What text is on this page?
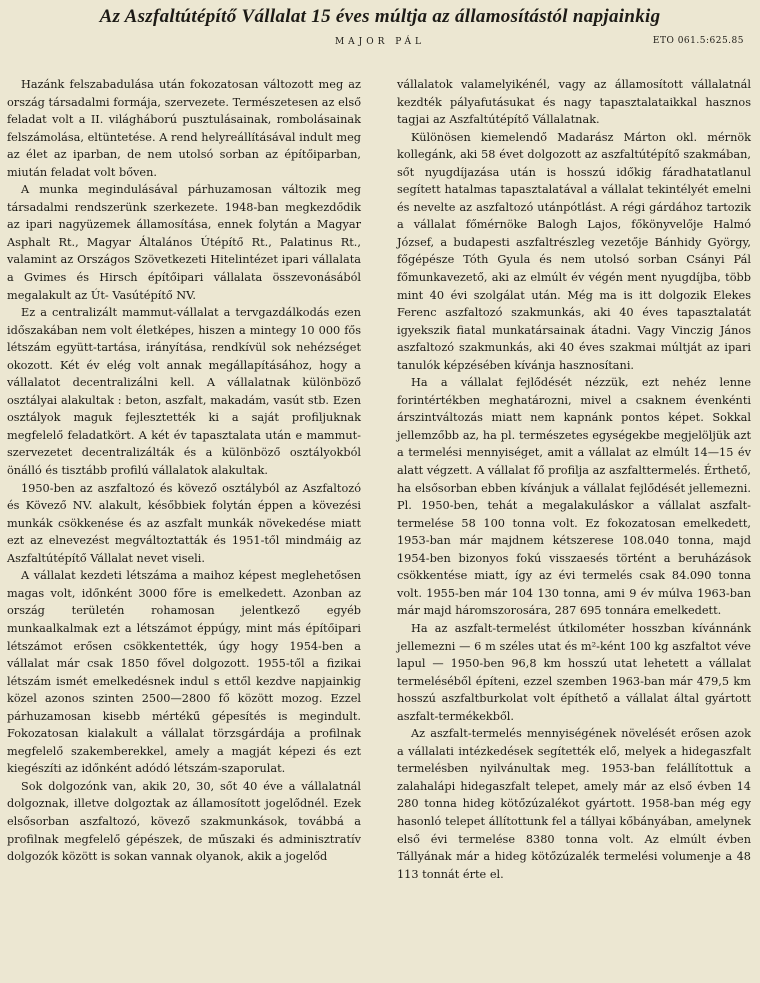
Az Aszfaltútépítő Vállalat 15 éves múltja az államosítástól napjainkig
MAJOR PÁL	ETO 061.5:625.85

Hazánk felszabadulása után fokozatosan változott meg az ország társadalmi formája, szervezete. Természetesen az első feladat volt a II. világháború pusztulásainak, rombolásainak felszámolása, eltüntetése. A rend helyreállításával indult meg az élet az iparban, de nem utolsó sorban az építőiparban, miután feladat volt bőven.

A munka megindulásával párhuzamosan változik meg társadalmi rendszerünk szerkezete. 1948-ban megkezdődik az ipari nagyüzemek államosítása, ennek folytán a Magyar Asphalt Rt., Magyar Általános Útépítő Rt., Palatinus Rt., valamint az Országos Szövetkezeti Hitelintézet ipari vállalata a Gvimes és Hirsch építőipari vállalata összevonásából megalakult az Út- Vasútépítő NV.

Ez a centralizált mammut-vállalat a tervgazdálkodás ezen időszakában nem volt életképes, hiszen a mintegy 10 000 fős létszám együtt-tartása, irányítása, rendkívül sok nehézséget okozott. Két év elég volt annak megállapításához, hogy a vállalatot decentralizálni kell. A vállalatnak különböző osztályai alakultak : beton, aszfalt, makadám, vasút stb. Ezen osztályok maguk fejlesztették ki a saját profiljuknak megfelelő feladatkört. A két év tapasztalata után e mammut-szervezetet decentralizálták és a különböző osztályokból önálló és tisztább profilú vállalatok alakultak.

1950-ben az aszfaltozó és kövező osztályból az Aszfaltozó és Kövező NV. alakult, későbbiek folytán éppen a kövezési munkák csökkenése és az aszfalt munkák növekedése miatt ezt az elnevezést megváltoztatták és 1951-től mindmáig az Aszfaltútépítő Vállalat nevet viseli.

A vállalat kezdeti létszáma a maihoz képest meglehetősen magas volt, időnként 3000 főre is emelkedett. Azonban az ország területén rohamosan jelentkező egyéb munkaalkalmak ezt a létszámot éppúgy, mint más építőipari létszámot erősen csökkentették, úgy hogy 1954-ben a vállalat már csak 1850 fővel dolgozott. 1955-től a fizikai létszám ismét emelkedésnek indul s ettől kezdve napjainkig közel azonos szinten 2500—2800 fő között mozog. Ezzel párhuzamosan kisebb mértékű gépesítés is megindult. Fokozatosan kialakult a vállalat törzsgárdája a profilnak megfelelő szakemberekkel, amely a magját képezi és ezt kiegészíti az időnként adódó létszám-szaporulat.

Sok dolgozónk van, akik 20, 30, sőt 40 éve a vállalatnál dolgoznak, illetve dolgoztak az államosított jogelődnél. Ezek elsősorban aszfaltozó, kövező szakmunkások, továbbá a profilnak megfelelő gépészek, de műszaki és adminisztratív dolgozók között is sokan vannak olyanok, akik a jogelőd

vállalatok valamelyikénél, vagy az államosított vállalatnál kezdték pályafutásukat és nagy tapasztalataikkal hasznos tagjai az Aszfaltútépítő Vállalatnak.

Különösen kiemelendő Madarász Márton okl. mérnök kollegánk, aki 58 évet dolgozott az aszfaltútépítő szakmában, sőt nyugdíjazása után is hosszú időkig fáradhatatlanul segített hatalmas tapasztalatával a vállalat tekintélyét emelni és nevelte az aszfaltozó utánpótlást. A régi gárdához tartozik a vállalat főmérnöke Balogh Lajos, főkönyvelője Halmó József, a budapesti aszfaltrészleg vezetője Bánhidy György, főgépésze Tóth Gyula és nem utolsó sorban Csányi Pál főmunkavezető, aki az elmúlt év végén ment nyugdíjba, több mint 40 évi szolgálat után. Még ma is itt dolgozik Elekes Ferenc aszfaltozó szakmunkás, aki 40 éves tapasztalatát igyekszik fiatal munkatársainak átadni. Vagy Vinczig János aszfaltozó szakmunkás, aki 40 éves szakmai múltját az ipari tanulók képzésében kívánja hasznosítani.

Ha a vállalat fejlődését nézzük, ezt nehéz lenne forintértékben meghatározni, mivel a csaknem évenkénti árszintváltozás miatt nem kapnánk pontos képet. Sokkal jellemzőbb az, ha pl. természetes egységekbe megjelöljük azt a termelési mennyiséget, amit a vállalat az elmúlt 14—15 év alatt végzett. A vállalat fő profilja az aszfalttermelés. Érthető, ha elsősorban ebben kívánjuk a vállalat fejlődését jellemezni. Pl. 1950-ben, tehát a megalakuláskor a vállalat aszfalt-termelése 58 100 tonna volt. Ez fokozatosan emelkedett, 1953-ban már majdnem kétszerese 108.040 tonna, majd 1954-ben bizonyos fokú visszaesés történt a beruházások csökkentése miatt, így az évi termelés csak 84.090 tonna volt. 1955-ben már 104 130 tonna, ami 9 év múlva 1963-ban már majd háromszorosára, 287 695 tonnára emelkedett.

Ha az aszfalt-termelést útkilométer hosszban kívánnánk jellemezni — 6 m széles utat és m²-ként 100 kg aszfaltot véve lapul — 1950-ben 96,8 km hosszú utat lehetett a vállalat termeléséből építeni, ezzel szemben 1963-ban már 479,5 km hosszú aszfaltburkolat volt építhető a vállalat által gyártott aszfalt-termékekből.

Az aszfalt-termelés mennyiségének növelését erősen azok a vállalati intézkedések segítették elő, melyek a hidegaszfalt termelésben nyilvánultak meg. 1953-ban felállítottuk a zalahalápi hidegaszfalt telepet, amely már az első évben 14 280 tonna hideg kötőzúzalékot gyártott. 1958-ban még egy hasonló telepet állítottunk fel a tállyai kőbányában, amelynek első évi termelése 8380 tonna volt. Az elmúlt évben Tállyának már a hideg kötőzúzalék termelési volumenje a 48 113 tonnát érte el.
